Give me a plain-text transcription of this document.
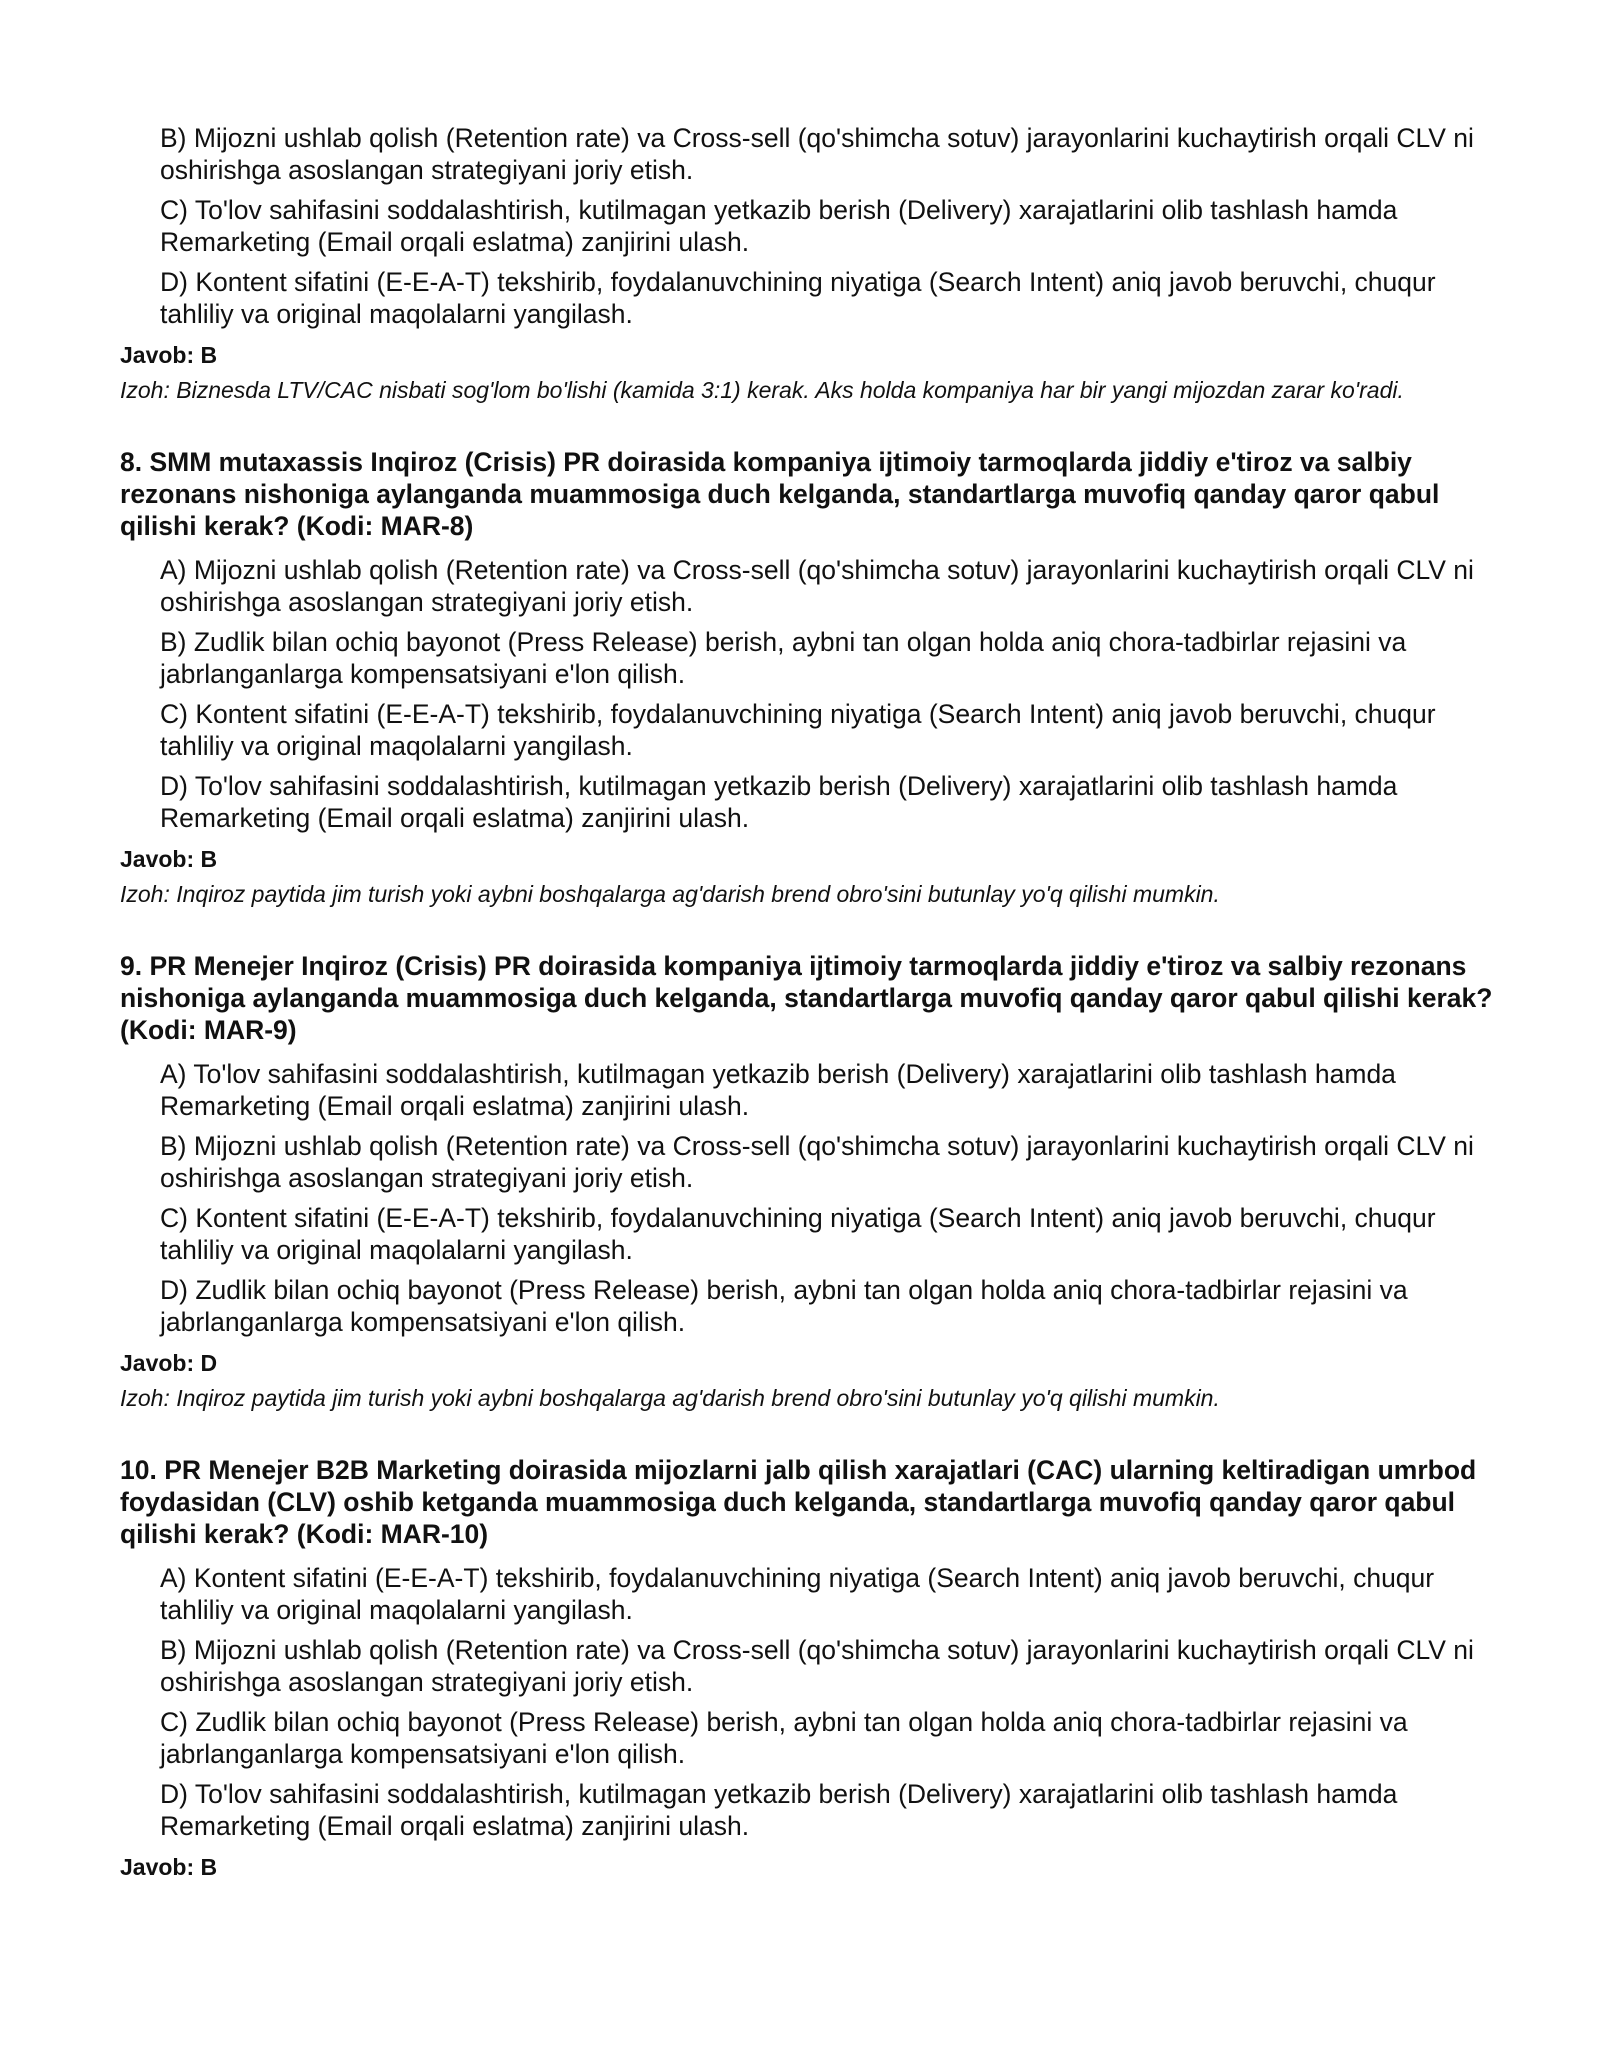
B) Mijozni ushlab qolish (Retention rate) va Cross-sell (qo'shimcha sotuv) jarayonlarini kuchaytirish orqali CLV ni oshirishga asoslangan strategiyani joriy etish.
C) To'lov sahifasini soddalashtirish, kutilmagan yetkazib berish (Delivery) xarajatlarini olib tashlash hamda Remarketing (Email orqali eslatma) zanjirini ulash.
D) Kontent sifatini (E-E-A-T) tekshirib, foydalanuvchining niyatiga (Search Intent) aniq javob beruvchi, chuqur tahliliy va original maqolalarni yangilash.
Javob: B
Izoh: Biznesda LTV/CAC nisbati sog'lom bo'lishi (kamida 3:1) kerak. Aks holda kompaniya har bir yangi mijozdan zarar ko'radi.
8. SMM mutaxassis Inqiroz (Crisis) PR doirasida kompaniya ijtimoiy tarmoqlarda jiddiy e'tiroz va salbiy rezonans nishoniga aylanganda muammosiga duch kelganda, standartlarga muvofiq qanday qaror qabul qilishi kerak? (Kodi: MAR-8)
A) Mijozni ushlab qolish (Retention rate) va Cross-sell (qo'shimcha sotuv) jarayonlarini kuchaytirish orqali CLV ni oshirishga asoslangan strategiyani joriy etish.
B) Zudlik bilan ochiq bayonot (Press Release) berish, aybni tan olgan holda aniq chora-tadbirlar rejasini va jabrlanganlarga kompensatsiyani e'lon qilish.
C) Kontent sifatini (E-E-A-T) tekshirib, foydalanuvchining niyatiga (Search Intent) aniq javob beruvchi, chuqur tahliliy va original maqolalarni yangilash.
D) To'lov sahifasini soddalashtirish, kutilmagan yetkazib berish (Delivery) xarajatlarini olib tashlash hamda Remarketing (Email orqali eslatma) zanjirini ulash.
Javob: B
Izoh: Inqiroz paytida jim turish yoki aybni boshqalarga ag'darish brend obro'sini butunlay yo'q qilishi mumkin.
9. PR Menejer Inqiroz (Crisis) PR doirasida kompaniya ijtimoiy tarmoqlarda jiddiy e'tiroz va salbiy rezonans nishoniga aylanganda muammosiga duch kelganda, standartlarga muvofiq qanday qaror qabul qilishi kerak? (Kodi: MAR-9)
A) To'lov sahifasini soddalashtirish, kutilmagan yetkazib berish (Delivery) xarajatlarini olib tashlash hamda Remarketing (Email orqali eslatma) zanjirini ulash.
B) Mijozni ushlab qolish (Retention rate) va Cross-sell (qo'shimcha sotuv) jarayonlarini kuchaytirish orqali CLV ni oshirishga asoslangan strategiyani joriy etish.
C) Kontent sifatini (E-E-A-T) tekshirib, foydalanuvchining niyatiga (Search Intent) aniq javob beruvchi, chuqur tahliliy va original maqolalarni yangilash.
D) Zudlik bilan ochiq bayonot (Press Release) berish, aybni tan olgan holda aniq chora-tadbirlar rejasini va jabrlanganlarga kompensatsiyani e'lon qilish.
Javob: D
Izoh: Inqiroz paytida jim turish yoki aybni boshqalarga ag'darish brend obro'sini butunlay yo'q qilishi mumkin.
10. PR Menejer B2B Marketing doirasida mijozlarni jalb qilish xarajatlari (CAC) ularning keltiradigan umrbod foydasidan (CLV) oshib ketganda muammosiga duch kelganda, standartlarga muvofiq qanday qaror qabul qilishi kerak? (Kodi: MAR-10)
A) Kontent sifatini (E-E-A-T) tekshirib, foydalanuvchining niyatiga (Search Intent) aniq javob beruvchi, chuqur tahliliy va original maqolalarni yangilash.
B) Mijozni ushlab qolish (Retention rate) va Cross-sell (qo'shimcha sotuv) jarayonlarini kuchaytirish orqali CLV ni oshirishga asoslangan strategiyani joriy etish.
C) Zudlik bilan ochiq bayonot (Press Release) berish, aybni tan olgan holda aniq chora-tadbirlar rejasini va jabrlanganlarga kompensatsiyani e'lon qilish.
D) To'lov sahifasini soddalashtirish, kutilmagan yetkazib berish (Delivery) xarajatlarini olib tashlash hamda Remarketing (Email orqali eslatma) zanjirini ulash.
Javob: B
